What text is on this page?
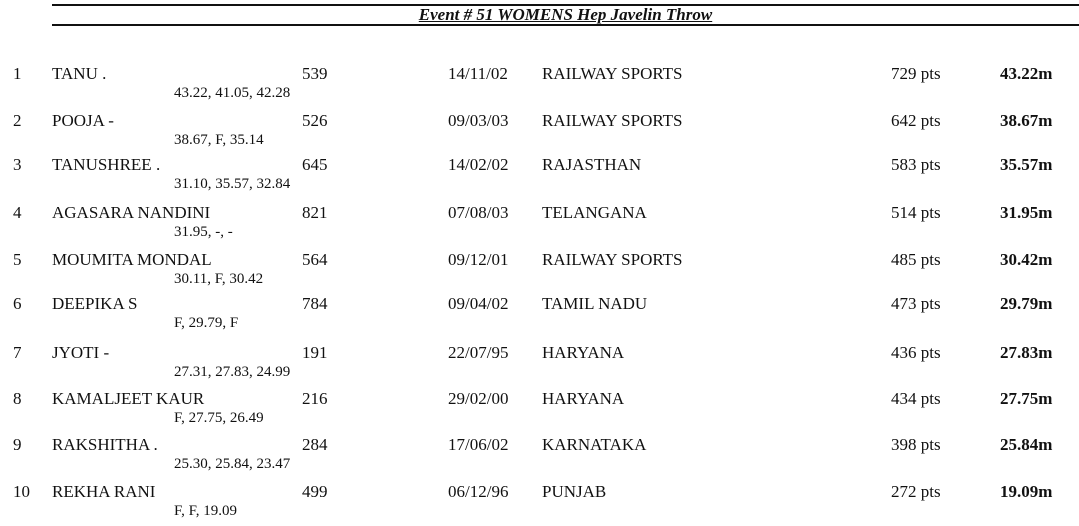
Event # 51 WOMENS Hep Javelin Throw
1 TANU .	539	14/11/02 RAILWAY SPORTS	729 pts	43.22m
43.22, 41.05, 42.28
2 POOJA -	526	09/03/03 RAILWAY SPORTS	642 pts	38.67m
38.67, F, 35.14
3 TANUSHREE .	645	14/02/02 RAJASTHAN	583 pts	35.57m
31.10, 35.57, 32.84
4 AGASARA NANDINI	821	07/08/03 TELANGANA	514 pts	31.95m
31.95, -, -
5 MOUMITA MONDAL	564	09/12/01 RAILWAY SPORTS	485 pts	30.42m
30.11, F, 30.42
6 DEEPIKA S	784	09/04/02 TAMIL NADU	473 pts	29.79m
F, 29.79, F
7 JYOTI -	191	22/07/95 HARYANA	436 pts	27.83m
27.31, 27.83, 24.99
8 KAMALJEET KAUR	216	29/02/00 HARYANA	434 pts	27.75m
F, 27.75, 26.49
9 RAKSHITHA .	284	17/06/02 KARNATAKA	398 pts	25.84m
25.30, 25.84, 23.47
10 REKHA RANI	499	06/12/96 PUNJAB	272 pts	19.09m
F, F, 19.09
